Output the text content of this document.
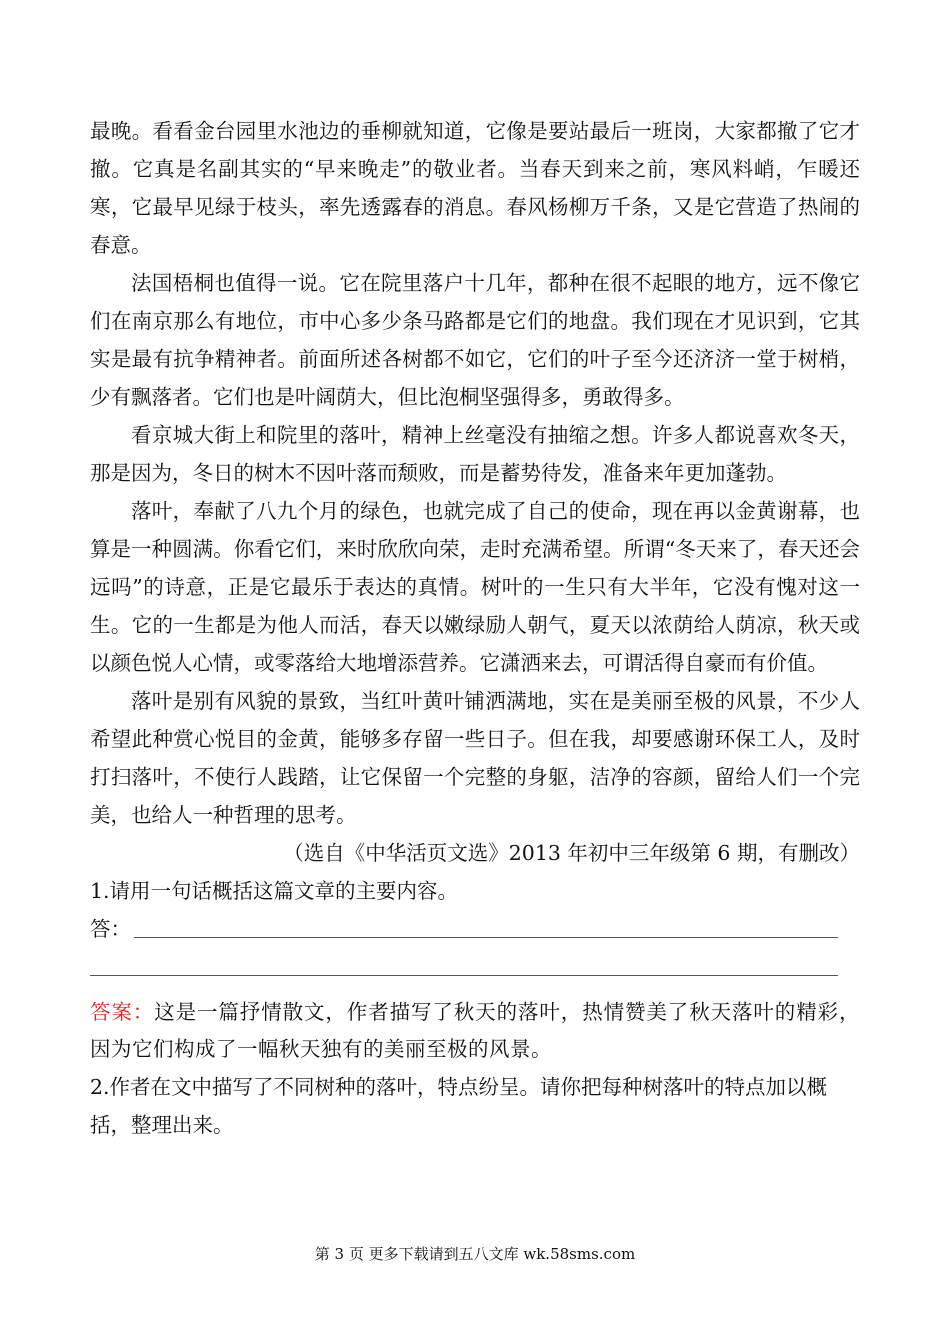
最晚。看看金台园里水池边的垂柳就知道，它像是要站最后一班岗，大家都撤了它才撤。它真是名副其实的“早来晚走”的敬业者。当春天到来之前，寒风料峭，乍暖还寒，它最早见绿于枝头，率先透露春的消息。春风杨柳万千条，又是它营造了热闹的春意。

法国梧桐也值得一说。它在院里落户十几年，都种在很不起眼的地方，远不像它们在南京那么有地位，市中心多少条马路都是它们的地盘。我们现在才见识到，它其实是最有抗争精神者。前面所述各树都不如它，它们的叶子至今还济济一堂于树梢，少有飘落者。它们也是叶阔荫大，但比泡桐坚强得多，勇敢得多。

看京城大街上和院里的落叶，精神上丝毫没有抽缩之想。许多人都说喜欢冬天，那是因为，冬日的树木不因叶落而颓败，而是蓄势待发，准备来年更加蓬勃。

落叶，奉献了八九个月的绿色，也就完成了自己的使命，现在再以金黄谢幕，也算是一种圆满。你看它们，来时欣欣向荣，走时充满希望。所谓“冬天来了，春天还会远吗”的诗意，正是它最乐于表达的真情。树叶的一生只有大半年，它没有愧对这一生。它的一生都是为他人而活，春天以嫩绿励人朝气，夏天以浓荫给人荫凉，秋天或以颜色悦人心情，或零落给大地增添营养。它潇洒来去，可谓活得自豪而有价值。

落叶是别有风貌的景致，当红叶黄叶铺洒满地，实在是美丽至极的风景，不少人希望此种赏心悦目的金黄，能够多存留一些日子。但在我，却要感谢环保工人，及时打扫落叶，不使行人践踏，让它保留一个完整的身躯，洁净的容颜，留给人们一个完美，也给人一种哲理的思考。

（选自《中华活页文选》2013 年初中三年级第 6 期，有删改）

1.请用一句话概括这篇文章的主要内容。

答：

答案：这是一篇抒情散文，作者描写了秋天的落叶，热情赞美了秋天落叶的精彩，因为它们构成了一幅秋天独有的美丽至极的风景。

2.作者在文中描写了不同树种的落叶，特点纷呈。请你把每种树落叶的特点加以概括，整理出来。

第 3 页 更多下载请到五八文库 wk.58sms.com
